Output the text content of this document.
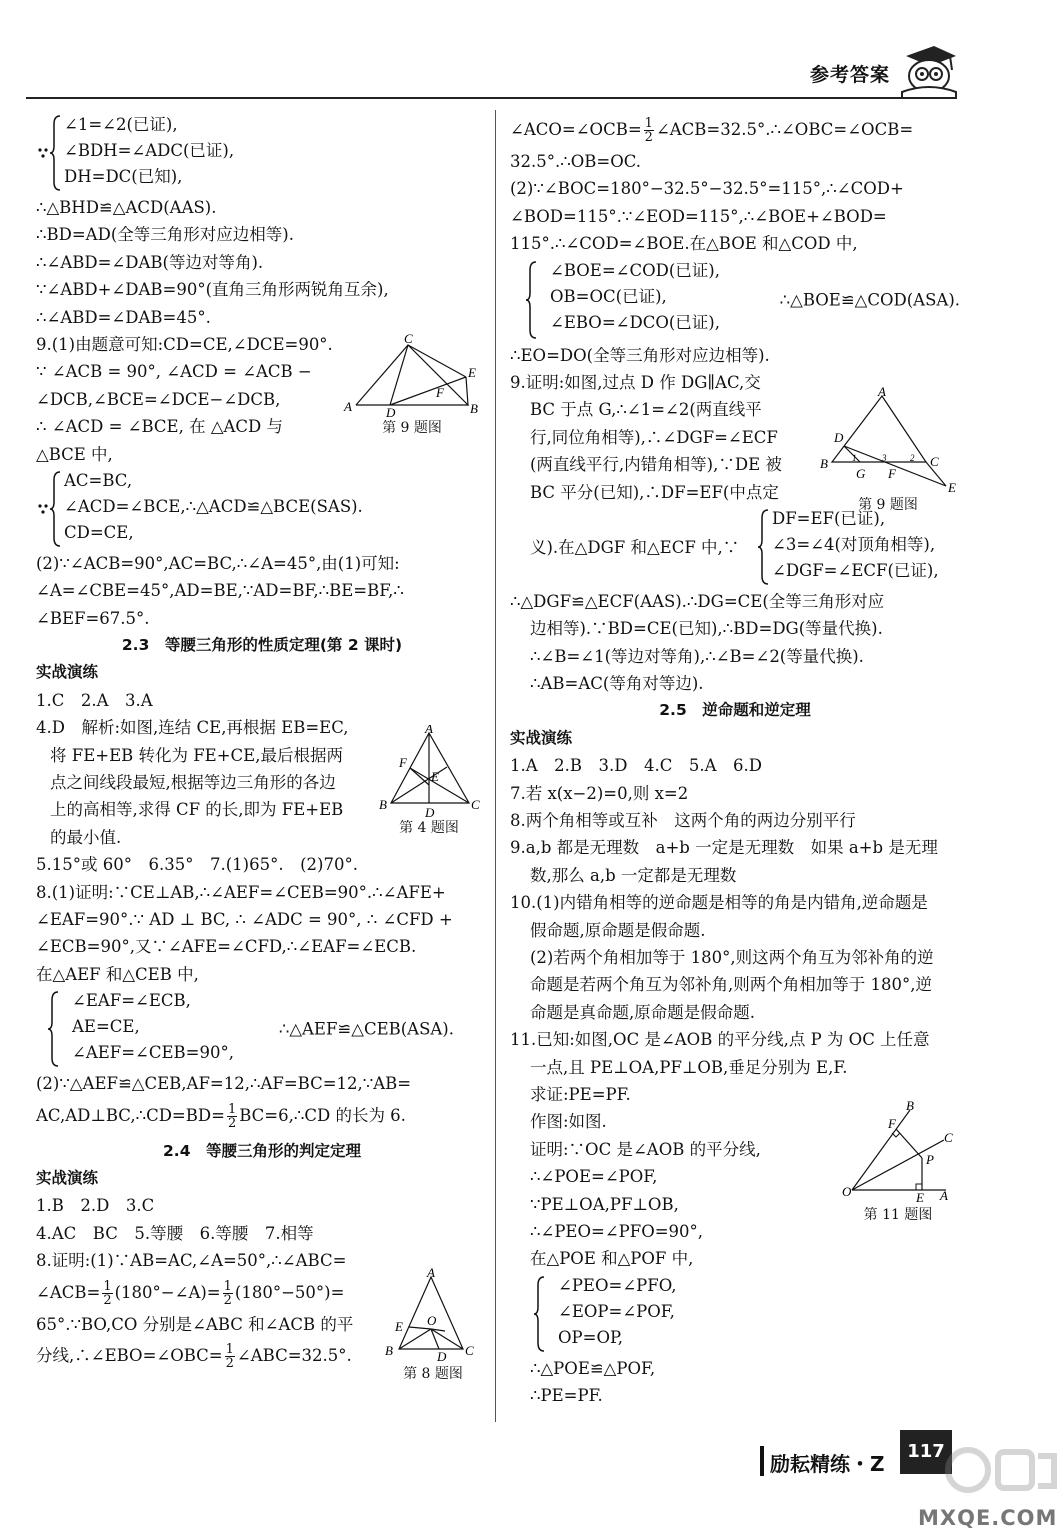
参考答案
∠1=∠2(已证),
∠BDH=∠ADC(已证),
DH=DC(已知),
∴△BHD≌△ACD(AAS).
∴BD=AD(全等三角形对应边相等).
∴∠ABD=∠DAB(等边对等角).
∵∠ABD+∠DAB=90°(直角三角形两锐角互余),
∴∠ABD=∠DAB=45°.
9.(1)由题意可知:CD=CE,∠DCE=90°.
∵ ∠ACB = 90°, ∠ACD = ∠ACB −
∠DCB,∠BCE=∠DCE−∠DCB,
∴ ∠ACD = ∠BCE, 在 △ACD 与
△BCE 中,
AC=BC,
∠ACD=∠BCE,∴△ACD≌△BCE(SAS).
CD=CE,
(2)∵∠ACB=90°,AC=BC,∴∠A=45°,由(1)可知:
∠A=∠CBE=45°,AD=BE,∵AD=BF,∴BE=BF,∴
∠BEF=67.5°.
2.3　等腰三角形的性质定理(第 2 课时)
实战演练
1.C　2.A　3.A
4.D　解析:如图,连结 CE,再根据 EB=EC,
将 FE+EB 转化为 FE+CE,最后根据两
点之间线段最短,根据等边三角形的各边
上的高相等,求得 CF 的长,即为 FE+EB
的最小值.
5.15°或 60°　6.35°　7.(1)65°.　(2)70°.
8.(1)证明:∵CE⊥AB,∴∠AEF=∠CEB=90°.∴∠AFE+
∠EAF=90°.∵ AD ⊥ BC, ∴ ∠ADC = 90°, ∴ ∠CFD +
∠ECB=90°,又∵∠AFE=∠CFD,∴∠EAF=∠ECB.
在△AEF 和△CEB 中,
∠EAF=∠ECB,
AE=CE,
∠AEF=∠CEB=90°,
∴△AEF≌△CEB(ASA).
(2)∵△AEF≌△CEB,AF=12,∴AF=BC=12,∵AB=
AC,AD⊥BC,∴CD=BD= $\frac{1}{2}$ BC=6,∴CD 的长为 6.
2.4　等腰三角形的判定定理
实战演练
1.B　2.D　3.C
4.AC　BC　5.等腰　6.等腰　7.相等
8.证明:(1)∵AB=AC,∠A=50°,∴∠ABC=
∠ACB= $\frac{1}{2}$ (180°−∠A)= $\frac{1}{2} (180^\circ-50^\circ)=$
65°.∵BO,CO 分别是∠ABC 和∠ACB 的平
分线,∴∠EBO=∠OBC= $\frac{1}{2}$ ∠ABC=32.5°.
C
A	D	B
E
F
第 9 题图
A
B	C
D
F
E
第 4 题图
A
B	C
O
E
D
第 8 题图
∠ACO=∠OCB= $\frac{1}{2}$ ∠ACB=32.5°.∴∠OBC=∠OCB=
32.5°.∴OB=OC.
(2)∵∠BOC=180°−32.5°−32.5°=115°,∴∠COD+
∠BOD=115°.∵∠EOD=115°,∴∠BOE+∠BOD=
115°.∴∠COD=∠BOE.在△BOE 和△COD 中,
∠BOE=∠COD(已证),
OB=OC(已证),
∠EBO=∠DCO(已证),
∴△BOE≌△COD(ASA).
∴EO=DO(全等三角形对应边相等).
9.证明:如图,过点 D 作 DG∥AC,交
BC 于点 G,∴∠1=∠2(两直线平
行,同位角相等),∴∠DGF=∠ECF
(两直线平行,内错角相等),∵DE 被
BC 平分(已知),∴DF=EF(中点定
义).在△DGF 和△ECF 中,∵
DF=EF(已证),
∠3=∠4(对顶角相等),
∠DGF=∠ECF(已证),
∴△DGF≌△ECF(AAS).∴DG=CE(全等三角形对应
边相等).∵BD=CE(已知),∴BD=DG(等量代换).
∴∠B=∠1(等边对等角),∴∠B=∠2(等量代换).
∴AB=AC(等角对等边).
2.5　逆命题和逆定理
实战演练
1.A　2.B　3.D　4.C　5.A　6.D
7.若 x(x−2)=0,则 x=2
8.两个角相等或互补　这两个角的两边分别平行
9.a,b 都是无理数　a+b 一定是无理数　如果 a+b 是无理
数,那么 a,b 一定都是无理数
10.(1)内错角相等的逆命题是相等的角是内错角,逆命题是
假命题,原命题是假命题.
(2)若两个角相加等于 180°,则这两个角互为邻补角的逆
命题是若两个角互为邻补角,则两个角相加等于 180°,逆
命题是真命题,原命题是假命题.
11.已知:如图,OC 是∠AOB 的平分线,点 P 为 OC 上任意
一点,且 PE⊥OA,PF⊥OB,垂足分别为 E,F.
求证:PE=PF.
作图:如图.
证明:∵OC 是∠AOB 的平分线,
∴∠POE=∠POF,
∵PE⊥OA,PF⊥OB,
∴∠PEO=∠PFO=90°,
在△POE 和△POF 中,
∠PEO=∠PFO,
∠EOP=∠POF,
OP=OP,
∴△POE≌△POF,
∴PE=PF.
A
B	C
D
E
G F
1	2
3
第 9 题图
O	A
B
C
P
E
F
第 11 题图
励耘精练・Z
117
MXQE.COM
